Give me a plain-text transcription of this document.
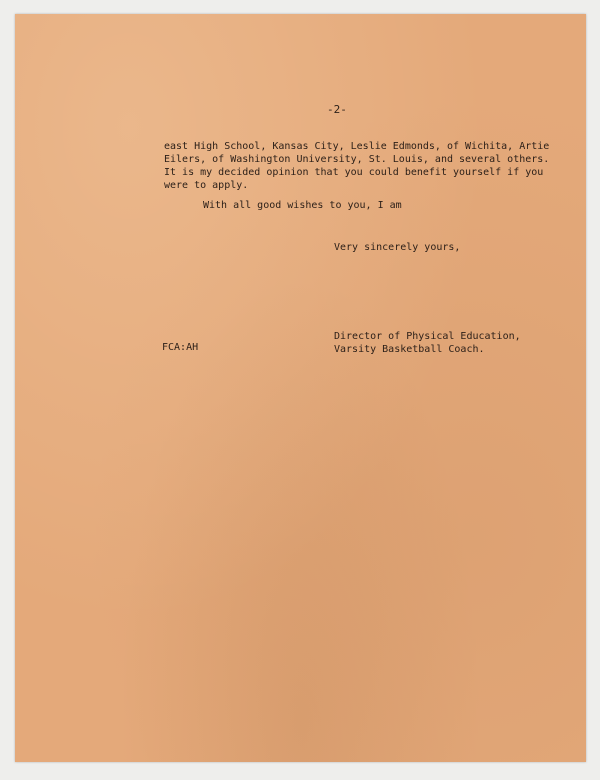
-2-

east High School, Kansas City, Leslie Edmonds, of Wichita, Artie

Eilers, of Washington University, St. Louis, and several others.

It is my decided opinion that you could benefit yourself if you

were to apply.

With all good wishes to you, I am

Very sincerely yours,

Director of Physical Education,

Varsity Basketball Coach.

FCA:AH
